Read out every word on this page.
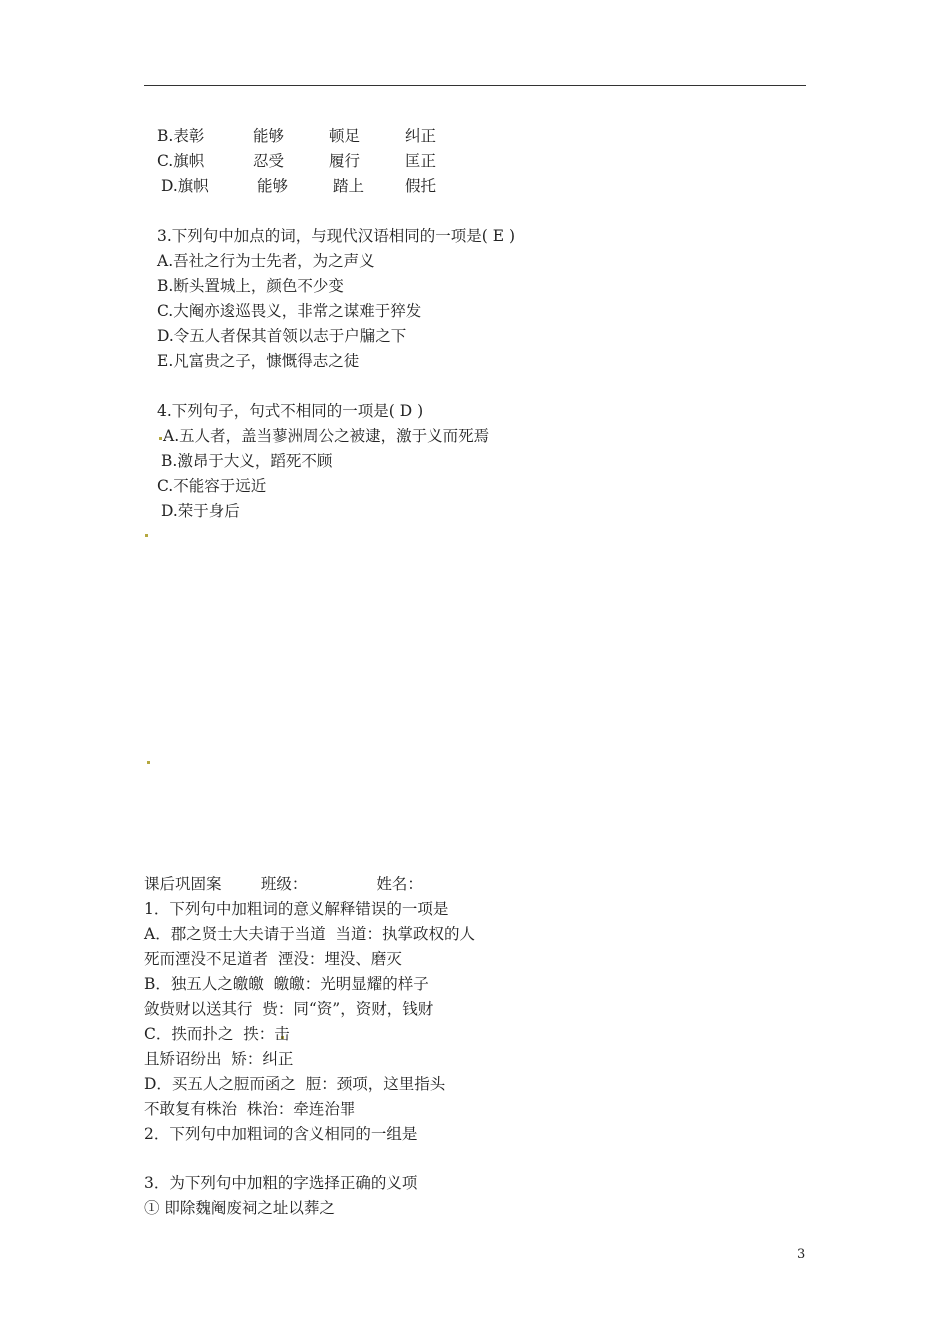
B.表彰	能够	顿足	纠正
C.旗帜	忍受	履行	匡正
D.旗帜	能够	踏上	假托
3.下列句中加点的词，与现代汉语相同的一项是( E )
A.吾社之行为士先者，为之声义
B.断头置城上，颜色不少变
C.大阉亦逡巡畏义，非常之谋难于猝发
D.令五人者保其首领以志于户牖之下
E.凡富贵之子，慷慨得志之徒
4.下列句子，句式不相同的一项是( D )
A.五人者，盖当蓼洲周公之被逮，激于义而死焉
B.激昂于大义，蹈死不顾
C.不能容于远近
D.荣于身后
课后巩固案        班级：              姓名：
1．下列句中加粗词的意义解释错误的一项是
A．郡之贤士大夫请于当道  当道：执掌政权的人
死而湮没不足道者  湮没：埋没、磨灭
B．独五人之皦皦  皦皦：光明显耀的样子
敛赀财以送其行  赀：同“资”，资财，钱财
C．抶而扑之  抶：击
且矫诏纷出  矫：纠正
D．买五人之脰而函之  脰：颈项，这里指头
不敢复有株治  株治：牵连治罪
2．下列句中加粗词的含义相同的一组是
3．为下列句中加粗的字选择正确的义项
① 即除魏阉废祠之址以葬之
3
